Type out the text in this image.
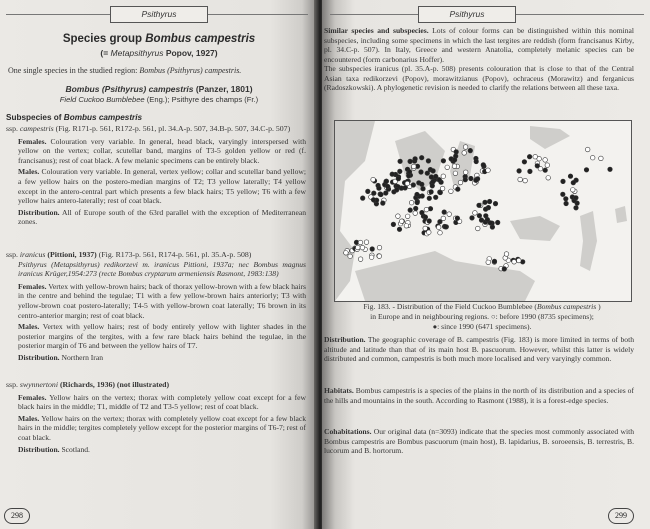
Psithyrus
Species group Bombus campestris
(= Metapsithyrus Popov, 1927)
One single species in the studied region: Bombus (Psithyrus) campestris.
Bombus (Psithyrus) campestris (Panzer, 1801)
Field Cuckoo Bumblebee (Eng.); Psithyre des champs (Fr.)
Subspecies of Bombus campestris
ssp. campestris (Fig. R171-p. 561, R172-p. 561, pl. 34.A-p. 507, 34.B-p. 507, 34.C-p. 507)
Females. Colouration very variable. In general, head black, varyingly interspersed with yellow on the vertex; collar, scutellar band, margins of T3-5 golden yellow or red (f. francisanus); rest of coat black. A few melanic specimens can be entirely black.
Males. Colouration very variable. In general, vertex yellow; collar and scutellar band yellow; a few yellow hairs on the postero-median margins of T2; T3 yellow laterally; T4 yellow except in the antero-central part which presents a few black hairs; T5 yellow; T6 with a few yellow hairs antero-laterally; rest of coat black.
Distribution. All of Europe south of the 63rd parallel with the exception of Mediterranean zones.
ssp. iranicus (Pittioni, 1937) (Fig. R173-p. 561, R174-p. 561, pl. 35.A-p. 508)
Psithyrus (Metapsithyrus) redikorzevi m. iranicus Pittioni, 1937a; nec Bombus magnus iranicus Krüger,1954:273 (recte Bombus cryptarum armeniensis Rasmont, 1983:138)
Females. Vertex with yellow-brown hairs; back of thorax yellow-brown with a few black hairs in the centre and behind the tegulae; T1 with a few yellow-brown hairs anteriorly; T3 with yellow-brown coat postero-laterally; T4-5 with yellow-brown coat laterally; T6 brown in its centro-anterior margin; rest of coat black.
Males. Vertex with yellow hairs; rest of body entirely yellow with lighter shades in the posterior margins of the tergites, with a few rare black hairs behind the tegulae, in the posterior margin of T6 and between the yellow hairs of T7.
Distribution. Northern Iran
ssp. swynnertoni (Richards, 1936) (not illustrated)
Females. Yellow hairs on the vertex; thorax with completely yellow coat except for a few black hairs in the middle; T1, middle of T2 and T3-5 yellow; rest of coat black.
Males. Yellow hairs on the vertex; thorax with completely yellow coat except for a few black hairs in the middle; tergites completely yellow except for the posterior margins of T6-7; rest of coat black.
Distribution. Scotland.
298
Psithyrus
Similar species and subspecies. Lots of colour forms can be distinguished within this nominal subspecies, including some specimens in which the last tergites are reddish (form francisanus Kirby, pl. 34.C-p. 507). In Italy, Greece and western Anatolia, completely melanic species can be encountered (form carbonarius Hoffer).
The subspecies iranicus (pl. 35.A-p. 508) presents colouration that is close to that of the Central Asian taxa redikorzevi (Popov), morawitzianus (Popov), ochraceus (Morawitz) and ferganicus (Radoszkowski). A phylogenetic revision is needed to clarify the relations between all these taxa.
Fig. 183. - Distribution of the Field Cuckoo Bumblebee (Bombus campestris )
in Europe and in neighbouring regions. ○: before 1990 (8735 specimens);
●: since 1990 (6471 specimens).
Distribution. The geographic coverage of B. campestris (Fig. 183) is more limited in terms of both altitude and latitude than that of its main host B. pascuorum. However, whilst this latter is widely distributed and common, campestris is both much more localised and very varyingly common.
Habitats. Bombus campestris is a species of the plains in the north of its distribution and a species of the hills and mountains in the south. According to Rasmont (1988), it is a forest-edge species.
Cohabitations. Our original data (n=3093) indicate that the species most commonly associated with Bombus campestris are Bombus pascuorum (main host), B. lapidarius, B. soroeensis, B. terrestris, B. lucorum and B. hortorum.
299
